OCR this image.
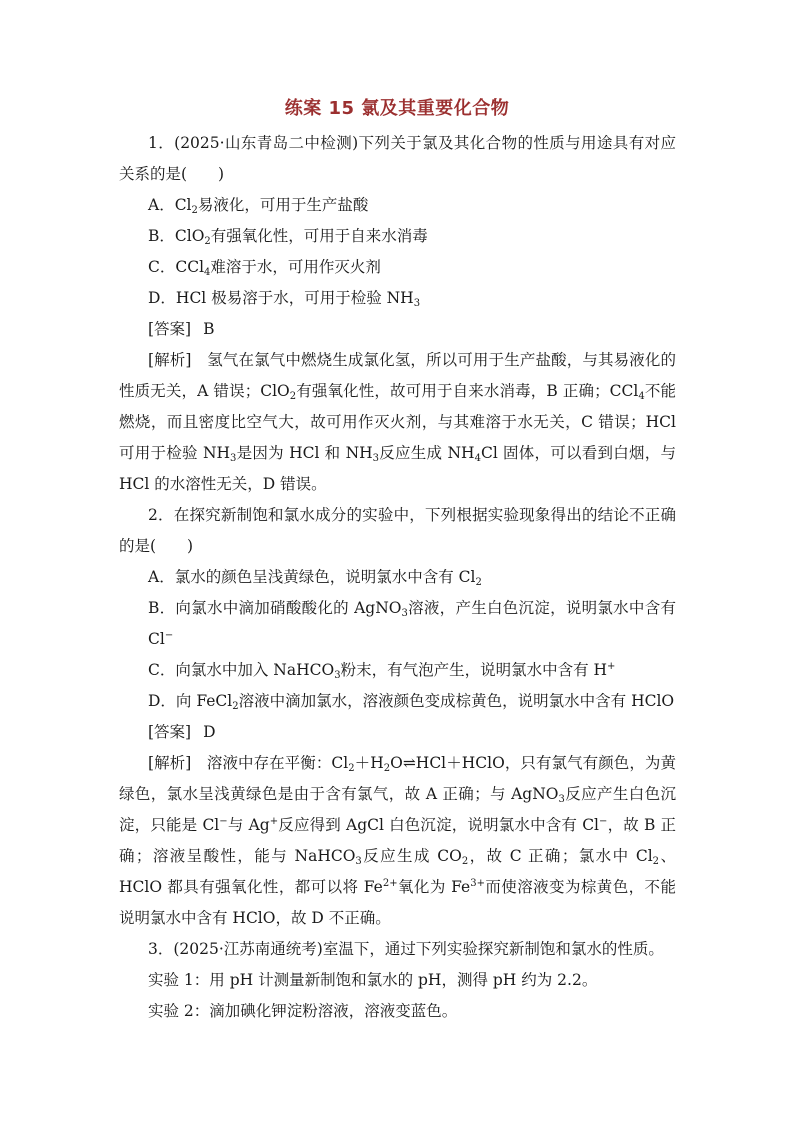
练案 15 氯及其重要化合物

1．(2025·山东青岛二中检测)下列关于氯及其化合物的性质与用途具有对应关系的是(　　)

A．$Cl_2$易液化，可用于生产盐酸

B．ClO$_2$有强氧化性，可用于自来水消毒

C．CCl$_4$难溶于水，可用作灭火剂

D．HCl 极易溶于水，可用于检验 $NH_3$

[答案] B

[解析]　氢气在氯气中燃烧生成氯化氢，所以可用于生产盐酸，与其易液化的性质无关，A 错误；ClO$_2$有强氧化性，故可用于自来水消毒，B 正确；CCl$_4$不能燃烧，而且密度比空气大，故可用作灭火剂，与其难溶于水无关，C 错误；HCl 可用于检验 $NH_3$是因为 HCl 和 $NH_3$反应生成 $NH_4Cl$ 固体，可以看到白烟，与 HCl 的水溶性无关，D 错误。

2．在探究新制饱和氯水成分的实验中，下列根据实验现象得出的结论不正确的是(　　)

A．氯水的颜色呈浅黄绿色，说明氯水中含有 $Cl_2$

B．向氯水中滴加硝酸酸化的 AgNO$_3$溶液，产生白色沉淀，说明氯水中含有 Cl−

C．向氯水中加入 NaHCO$_3$粉末，有气泡产生，说明氯水中含有 H+

D．向 FeCl$_2$溶液中滴加氯水，溶液颜色变成棕黄色，说明氯水中含有 HClO

[答案] D

[解析]　溶液中存在平衡：$Cl_2+H_2O\rightleftharpoons HCl+HClO$，只有氯气有颜色，为黄绿色，氯水呈浅黄绿色是由于含有氯气，故 A 正确；与 AgNO$_3$反应产生白色沉淀，只能是 Cl−与 Ag+反应得到 AgCl 白色沉淀，说明氯水中含有 Cl−，故 B 正确；溶液呈酸性，能与 NaHCO$_3$反应生成 $CO_2$，故 C 正确；氯水中 $Cl_2$、HClO 都具有强氧化性，都可以将 $Fe^{2+}$氧化为 $Fe^{3+}$而使溶液变为棕黄色，不能说明氯水中含有 HClO，故 D 不正确。

3．(2025·江苏南通统考)室温下，通过下列实验探究新制饱和氯水的性质。

实验 1：用 pH 计测量新制饱和氯水的 pH，测得 pH 约为 2.2。

实验 2：滴加碘化钾淀粉溶液，溶液变蓝色。
